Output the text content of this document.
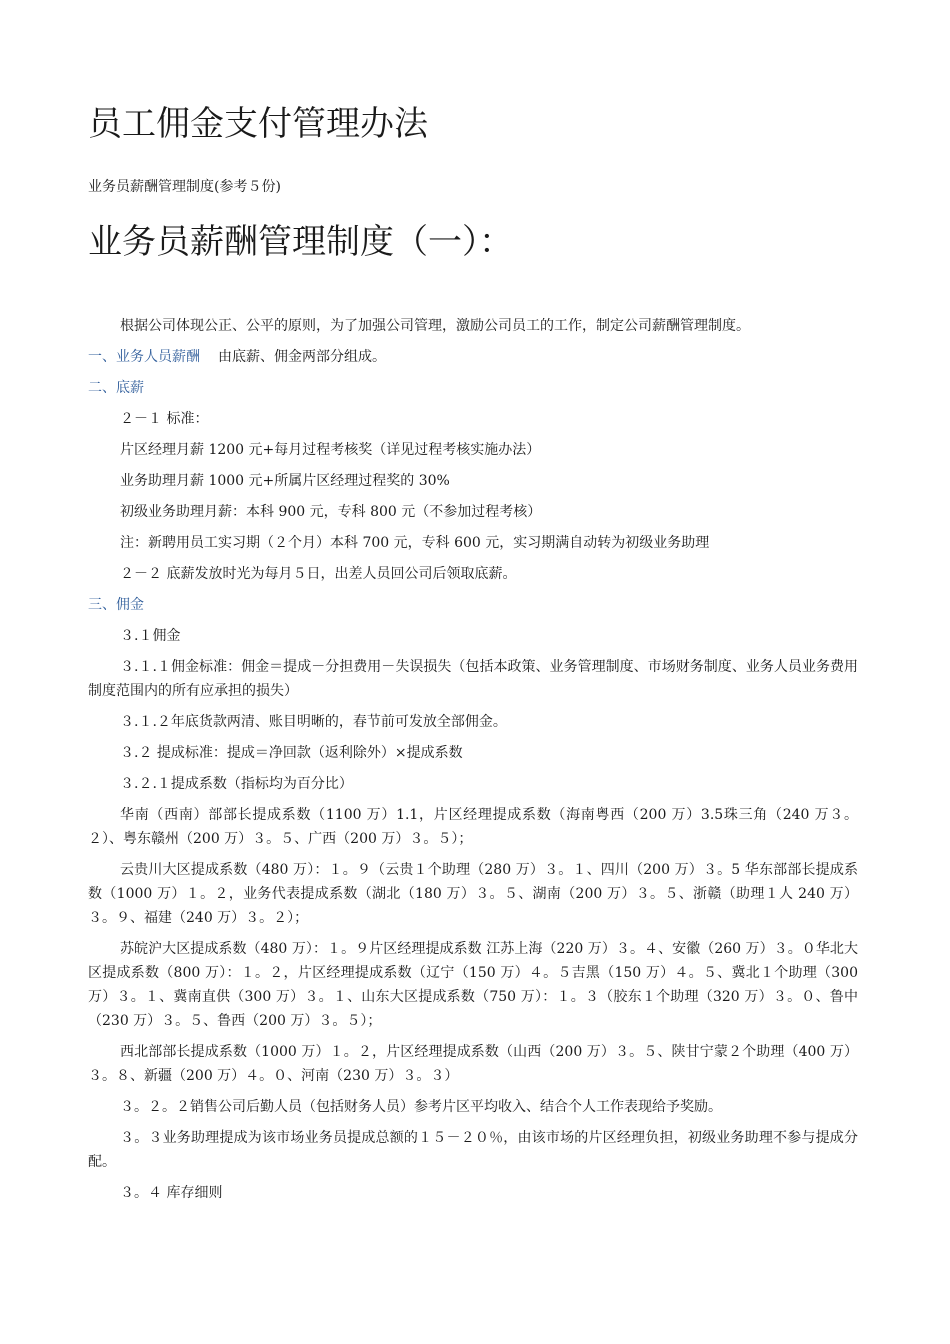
员工佣金支付管理办法
业务员薪酬管理制度(参考５份)
业务员薪酬管理制度（一）：

根据公司体现公正、公平的原则，为了加强公司管理，激励公司员工的工作，制定公司薪酬管理制度。

一、业务人员薪酬 由底薪、佣金两部分组成。

二、底薪

２－１ 标准：

片区经理月薪 1200 元+每月过程考核奖（详见过程考核实施办法）

业务助理月薪 1000 元+所属片区经理过程奖的 30%

初级业务助理月薪：本科 900 元，专科 800 元（不参加过程考核）

注：新聘用员工实习期（２个月）本科 700 元，专科 600 元，实习期满自动转为初级业务助理

２－２ 底薪发放时光为每月５日，出差人员回公司后领取底薪。

三、佣金

３.１佣金

３.１.１佣金标准：佣金＝提成－分担费用－失误损失（包括本政策、业务管理制度、市场财务制度、业务人员业务费用制度范围内的所有应承担的损失）

３.１.２年底货款两清、账目明晰的，春节前可发放全部佣金。

３.２ 提成标准：提成＝净回款（返利除外）×提成系数

３.２.１提成系数（指标均为百分比）

华南（西南）部部长提成系数（1100 万）1.1，片区经理提成系数（海南粤西（200 万）3.5珠三角（240 万３。２）、粤东赣州（200 万）３。５、广西（200 万）３。５）；

云贵川大区提成系数（480 万）：１。９（云贵１个助理（280 万）３。１、四川（200 万）３。5 华东部部长提成系数（1000 万）１。２，业务代表提成系数（湖北（180 万）３。５、湖南（200 万）３。５、浙赣（助理１人 240 万）３。９、福建（240 万）３。２）；

苏皖沪大区提成系数（480 万）：１。９片区经理提成系数 江苏上海（220 万）３。４、安徽（260 万）３。０华北大区提成系数（800 万）：１。２，片区经理提成系数（辽宁（150 万）４。５吉黑（150 万）４。５、冀北１个助理（300 万）３。１、冀南直供（300 万）３。１、山东大区提成系数（750 万）：１。３（胶东１个助理（320 万）３。０、鲁中（230 万）３。５、鲁西（200 万）３。５）；

西北部部长提成系数（1000 万）１。２，片区经理提成系数（山西（200 万）３。５、陕甘宁蒙２个助理（400 万）３。８、新疆（200 万）４。０、河南（230 万）３。３）

３。２。２销售公司后勤人员（包括财务人员）参考片区平均收入、结合个人工作表现给予奖励。

３。３业务助理提成为该市场业务员提成总额的１５－２０％，由该市场的片区经理负担，初级业务助理不参与提成分配。

３。４ 库存细则
